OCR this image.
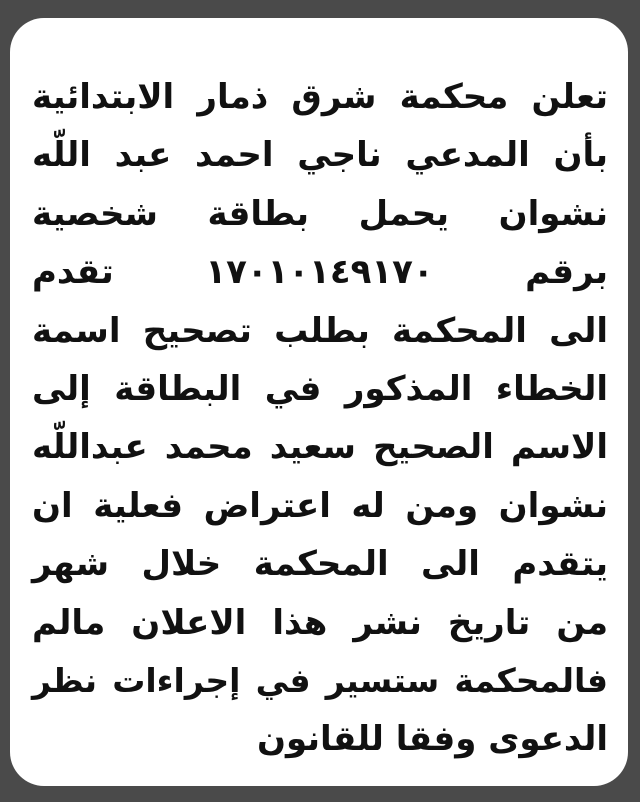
تعلن محكمة شرق ذمار الابتدائية
بأن المدعي ناجي احمد عبد اللّه
نشوان يحمل بطاقة شخصية
برقم ١٧٠١٠١٤٩١٧٠ تقدم
الى المحكمة بطلب تصحيح اسمة
الخطاء المذكور في البطاقة إلى
الاسم الصحيح سعيد محمد عبداللّه
نشوان ومن له اعتراض فعلية ان
يتقدم الى المحكمة خلال شهر
من تاريخ نشر هذا الاعلان مالم
فالمحكمة ستسير في إجراءات نظر
الدعوى وفقا للقانون
